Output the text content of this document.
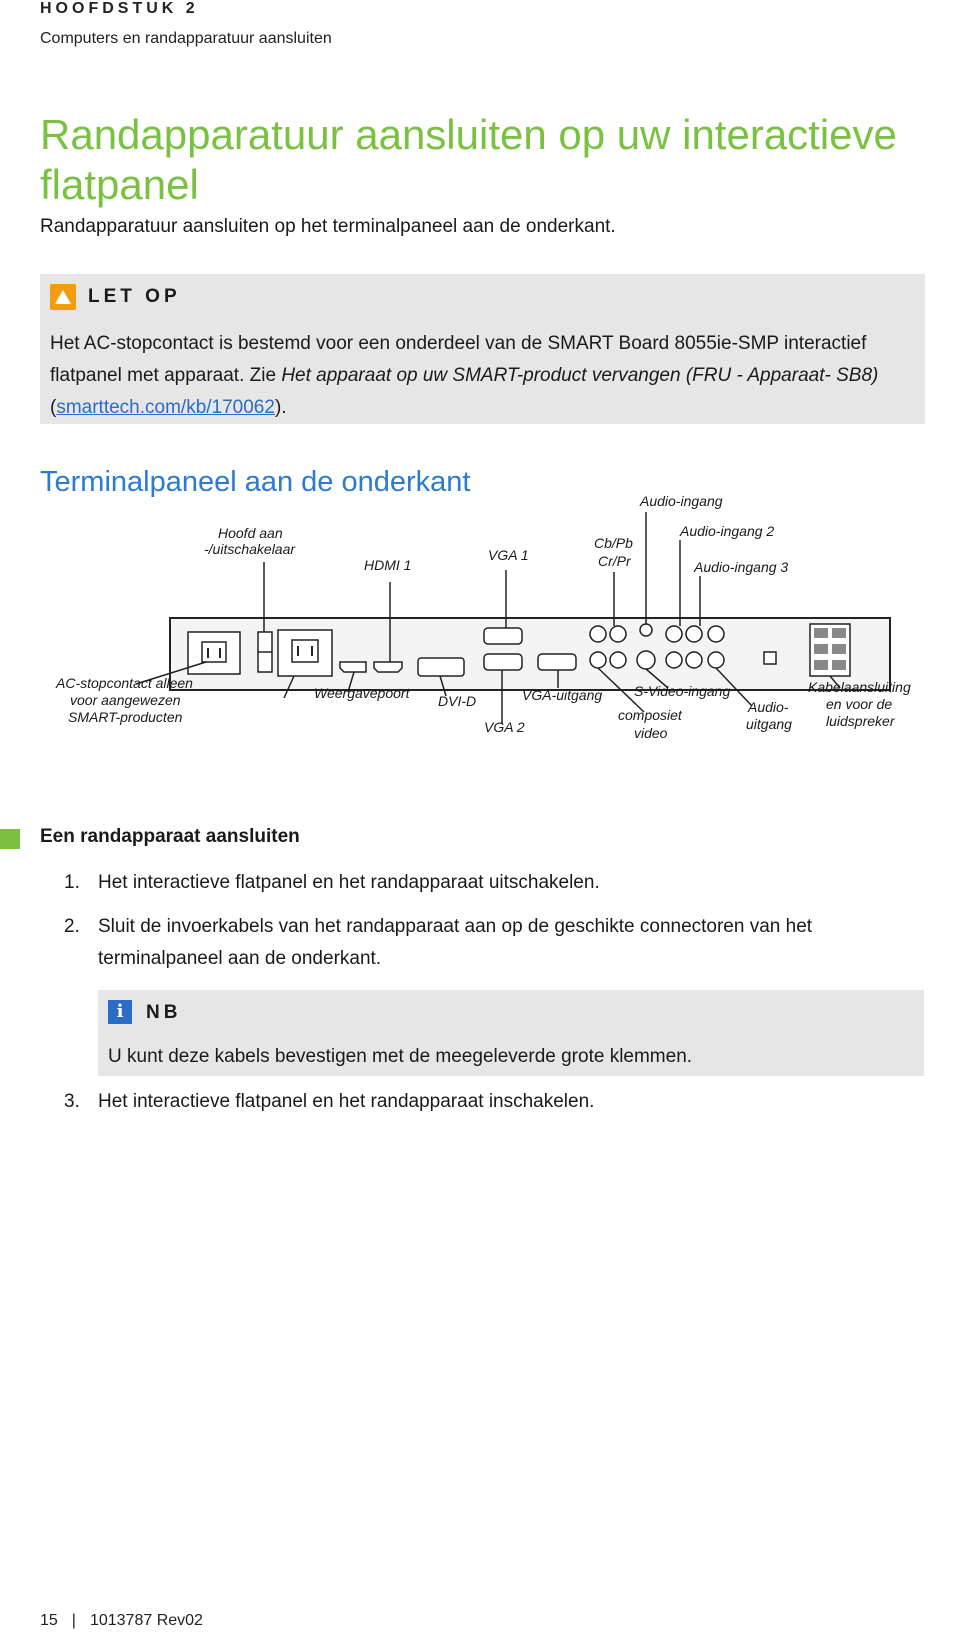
HOOFDSTUK 2
Computers en randapparatuur aansluiten
Randapparatuur aansluiten op uw interactieve flatpanel
Randapparatuur aansluiten op het terminalpaneel aan de onderkant.
LET OP
Het AC-stopcontact is bestemd voor een onderdeel van de SMART Board 8055ie-SMP interactief flatpanel met apparaat. Zie Het apparaat op uw SMART-product vervangen (FRU - Apparaat- SB8) (smarttech.com/kb/170062).
Terminalpaneel aan de onderkant
Audio-ingang
Hoofd aan
-/uitschakelaar
Audio-ingang 2
Cb/Pb
Cr/Pr
HDMI 1
VGA 1
Audio-ingang 3
AC-stopcontact alleen
voor aangewezen
SMART-producten
Weergavepoort DVI-D	VGA-uitgang
VGA 2
S-Video-ingang
composiet
video
Audio-
uitgang
Kabelaansluiting
en voor de
luidspreker
Een randapparaat aansluiten
1. Het interactieve flatpanel en het randapparaat uitschakelen.
2. Sluit de invoerkabels van het randapparaat aan op de geschikte connectoren van het terminalpaneel aan de onderkant.
i	NB
U kunt deze kabels bevestigen met de meegeleverde grote klemmen.
3. Het interactieve flatpanel en het randapparaat inschakelen.
15 | 1013787 Rev02
